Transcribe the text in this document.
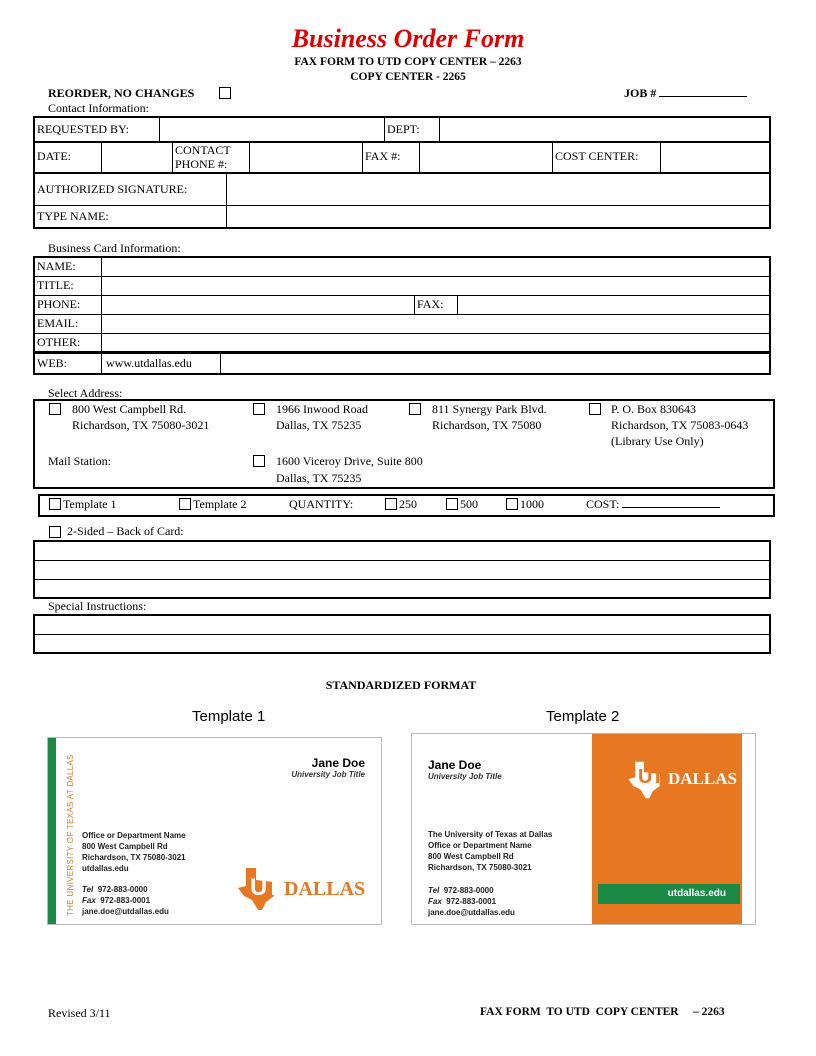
Business Order Form
FAX FORM TO UTD COPY CENTER – 2263
COPY CENTER - 2265
REORDER, NO CHANGES	JOB #
Contact Information:
REQUESTED BY:		DEPT:	
DATE:		CONTACT
PHONE #:		FAX #:		COST CENTER:	
AUTHORIZED SIGNATURE:	
TYPE NAME:	
Business Card Information:
NAME:			
TITLE:			
PHONE:		FAX:	
EMAIL:			
OTHER:			
WEB:	www.utdallas.edu	
Select Address:
800 West Campbell Rd.
Richardson, TX 75080-3021
1966 Inwood Road
Dallas, TX 75235
811 Synergy Park Blvd.
Richardson, TX 75080
P. O. Box 830643
Richardson, TX 75083-0643
(Library Use Only)
Mail Station:	1600 Viceroy Drive, Suite 800
Dallas, TX 75235
Template 1	Template 2	QUANTITY:	250	500	1000	COST:
2-Sided – Back of Card:

Special Instructions:

STANDARDIZED FORMAT
Template 1	Template 2
THE UNIVERSITY OF TEXAS AT DALLAS	Jane Doe
University Job Title
Office or Department Name
800 West Campbell Rd
Richardson, TX 75080-3021
utdallas.edu
Tel 972-883-0000
Fax 972-883-0001
jane.doe@utdallas.edu
UT DALLAS
Jane Doe
University Job Title
The University of Texas at Dallas
Office or Department Name
800 West Campbell Rd
Richardson, TX 75080-3021
Tel 972-883-0000
Fax 972-883-0001
jane.doe@utdallas.edu
UT DALLAS
utdallas.edu
Revised 3/11	FAX FORM  TO UTD  COPY CENTER     – 2263
